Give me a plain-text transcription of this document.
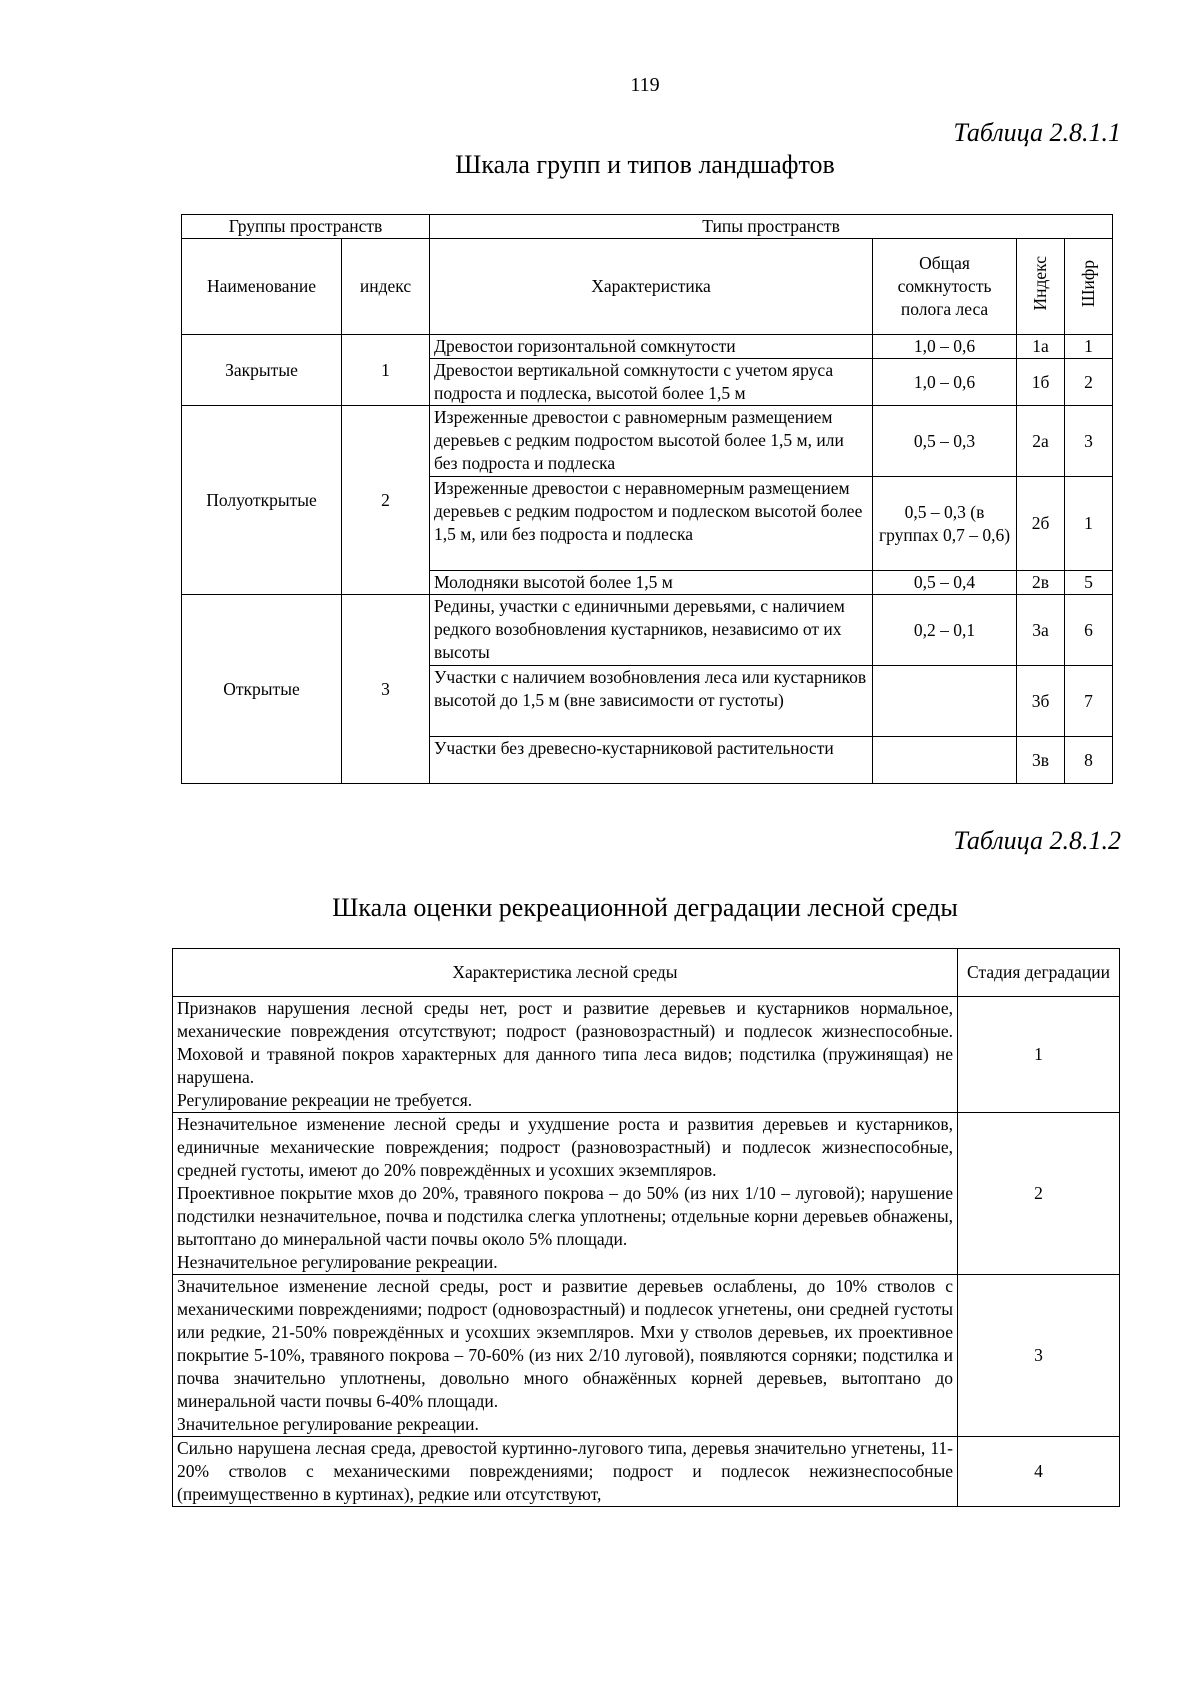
119
Таблица 2.8.1.1
Шкала групп и типов ландшафтов
Группы пространств		Типы пространств			
Наименование	индекс	Характеристика	Общая сомкнутость полога леса	Индекс	Шифр
Закрытые	1	Древостои горизонтальной сомкнутости	1,0 – 0,6	1а	1
		Древостои вертикальной сомкнутости с учетом яруса подроста и подлеска, высотой более 1,5 м	1,0 – 0,6	1б	2
Полуоткрытые	2	Изреженные древостои с равномерным размещением деревьев с редким подростом высотой более 1,5 м, или без подроста и подлеска	0,5 – 0,3	2а	3
		Изреженные древостои с неравномерным размещением деревьев с редким подростом и подлеском высотой более 1,5 м, или без подроста и подлеска	0,5 – 0,3 (в группах 0,7 – 0,6)	2б	1
		Молодняки высотой более 1,5 м	0,5 – 0,4	2в	5
Открытые	3	Редины, участки с единичными деревьями, с наличием редкого возобновления кустарников, независимо от их высоты	0,2 – 0,1	3а	6
		Участки с наличием возобновления леса или кустарников высотой до 1,5 м (вне зависимости от густоты)		3б	7
		Участки без древесно-кустарниковой растительности		3в	8
Таблица 2.8.1.2
Шкала оценки рекреационной деградации лесной среды
Характеристика лесной среды	Стадия деградации

Признаков нарушения лесной среды нет, рост и развитие деревьев и кустарников нормальное, механические повреждения отсутствуют; подрост (разновозрастный) и подлесок жизнеспособные. Моховой и травяной покров характерных для данного типа леса видов; подстилка (пружинящая) не нарушена.

Регулирование рекреации не требуется.	1

Незначительное изменение лесной среды и ухудшение роста и развития деревьев и кустарников, единичные механические повреждения; подрост (разновозрастный) и подлесок жизнеспособные, средней густоты, имеют до 20% повреждённых и усохших экземпляров.

Проективное покрытие мхов до 20%, травяного покрова – до 50% (из них 1/10 – луговой); нарушение подстилки незначительное, почва и подстилка слегка уплотнены; отдельные корни деревьев обнажены, вытоптано до минеральной части почвы около 5% площади.

Незначительное регулирование рекреации.	2

Значительное изменение лесной среды, рост и развитие деревьев ослаблены, до 10% стволов с механическими повреждениями; подрост (одновозрастный) и подлесок угнетены, они средней густоты или редкие, 21-50% повреждённых и усохших экземпляров. Мхи у стволов деревьев, их проективное покрытие 5-10%, травяного покрова – 70-60% (из них 2/10 луговой), появляются сорняки; подстилка и почва значительно уплотнены, довольно много обнажённых корней деревьев, вытоптано до минеральной части почвы 6-40% площади.

Значительное регулирование рекреации.	3

Сильно нарушена лесная среда, древостой куртинно-лугового типа, деревья значительно угнетены, 11-20% стволов с механическими повреждениями; подрост и подлесок нежизнеспособные (преимущественно в куртинах), редкие или отсутствуют,	4
